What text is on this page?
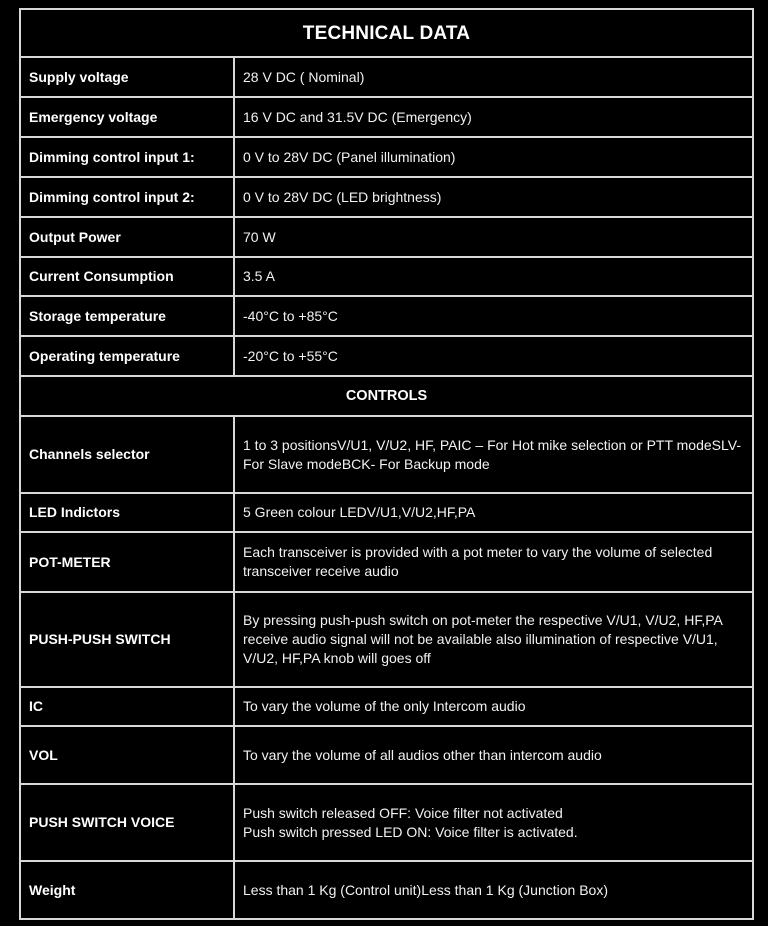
TECHNICAL DATA	
Supply voltage	28 V DC ( Nominal)
Emergency voltage	16 V DC and 31.5V DC (Emergency)
Dimming control input 1:	0 V to 28V DC (Panel illumination)
Dimming control input 2:	0 V to 28V DC (LED brightness)
Output Power	70 W
Current Consumption	3.5 A
Storage temperature	-40°C to +85°C
Operating temperature	-20°C to +55°C
CONTROLS	
Channels selector	1 to 3 positionsV/U1, V/U2, HF, PAIC – For Hot mike selection or PTT modeSLV- For Slave modeBCK- For Backup mode
LED Indictors	5 Green colour LEDV/U1,V/U2,HF,PA
POT-METER	Each transceiver is provided with a pot meter to vary the volume of selected transceiver receive audio
PUSH-PUSH SWITCH	By pressing push-push switch on pot-meter the respective V/U1, V/U2, HF,PA receive audio signal will not be available also illumination of respective V/U1, V/U2, HF,PA knob will goes off
IC	To vary the volume of the only Intercom audio
VOL	To vary the volume of all audios other than intercom audio
PUSH SWITCH VOICE	Push switch released OFF: Voice filter not activated
Push switch pressed LED ON: Voice filter is activated.

Weight	Less than 1 Kg (Control unit)Less than 1 Kg (Junction Box)
